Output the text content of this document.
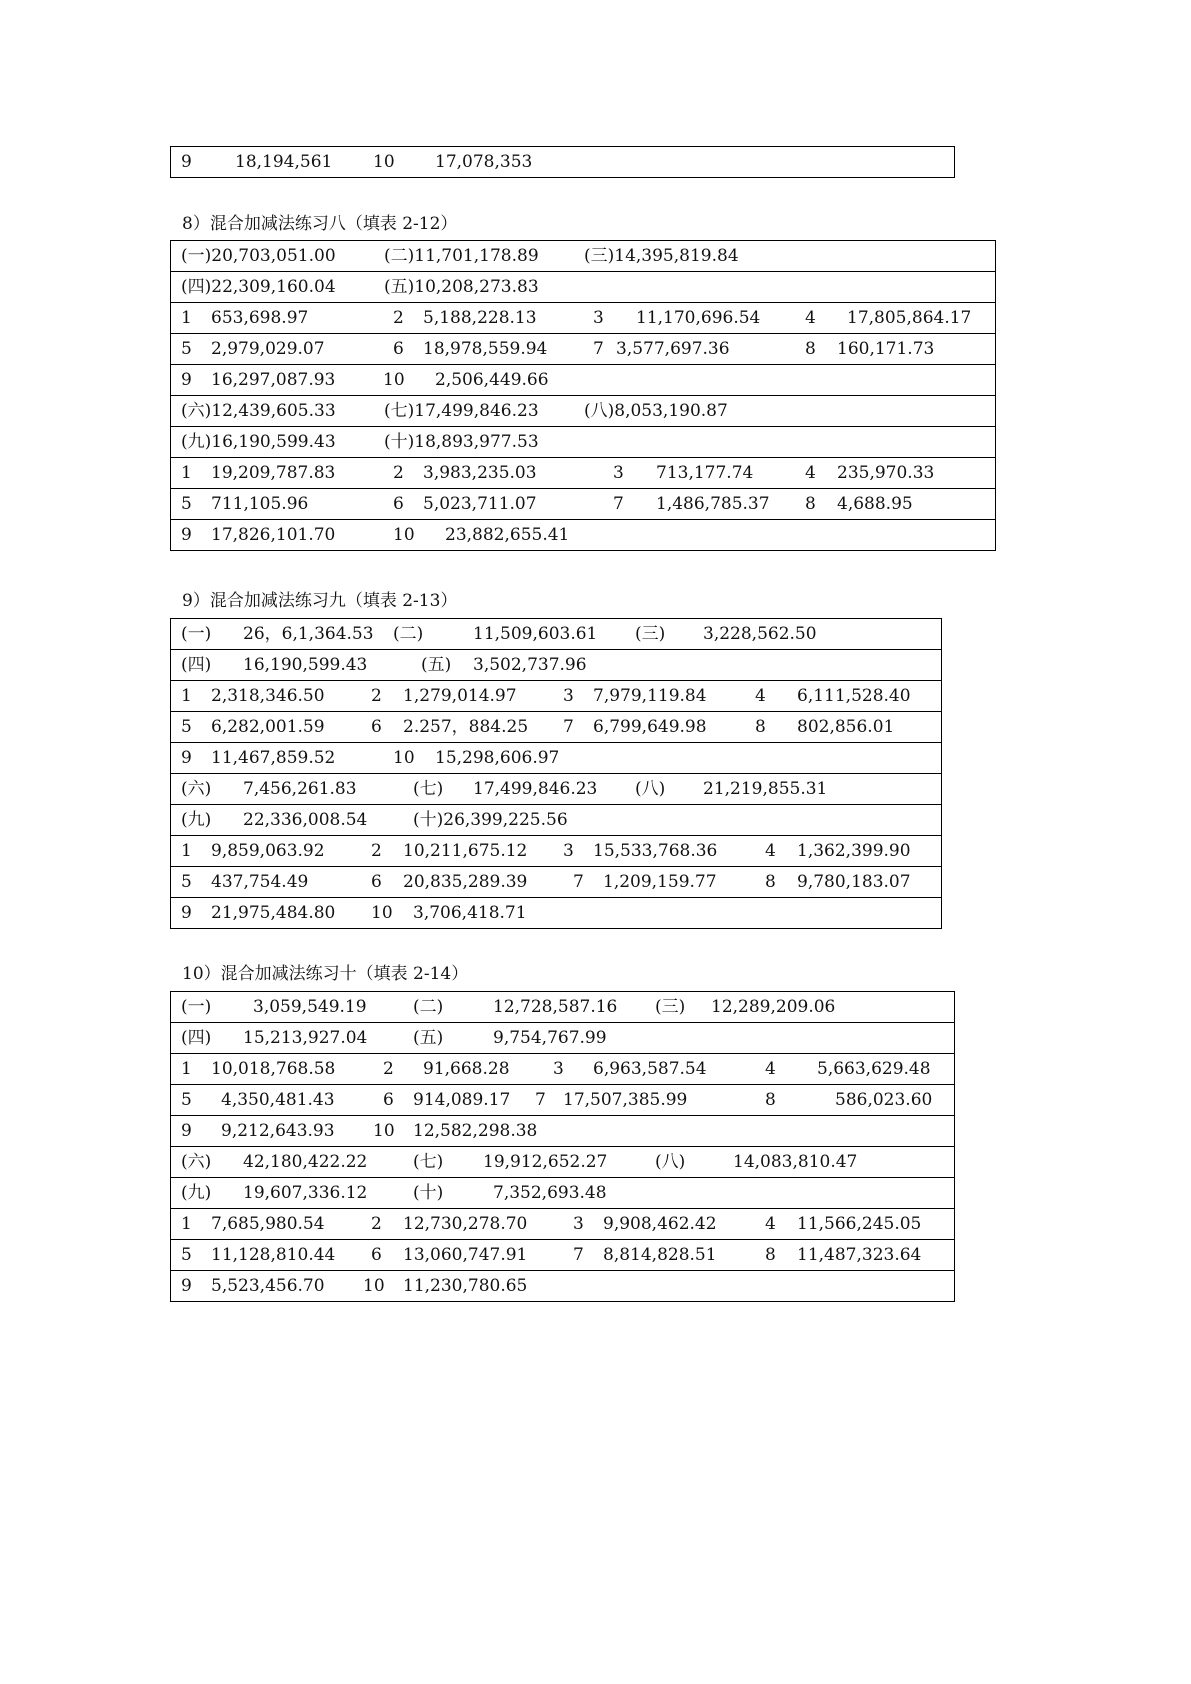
9	18,194,561 10 17,078,353
8）混合加减法练习八（填表 2-12）
(一)20,703,051.00	(二)11,701,178.89	(三)14,395,819.84
(四)22,309,160.04	(五)10,208,273.83
1 653,698.97	2 5,188,228.13	3 11,170,696.54	4 17,805,864.17
5 2,979,029.07	6 18,978,559.94	7 3,577,697.36	8 160,171.73
9 16,297,087.93	10 2,506,449.66
(六)12,439,605.33	(七)17,499,846.23	(八)8,053,190.87
(九)16,190,599.43	(十)18,893,977.53
1 19,209,787.83	2 3,983,235.03	3 713,177.74	4 235,970.33
5 711,105.96	6 5,023,711.07	7 1,486,785.37 8 4,688.95
9 17,826,101.70	10 23,882,655.41
9）混合加减法练习九（填表 2-13）
(一) 26，6,1,364.53 (二)	11,509,603.61 (三) 3,228,562.50
(四) 16,190,599.43	(五) 3,502,737.96
1 2,318,346.50	2 1,279,014.97	3 7,979,119.84	4 6,111,528.40
5 6,282,001.59	6 2.257，884.25 7 6,799,649.98	8 802,856.01
9 11,467,859.52	10 15,298,606.97
(六) 7,456,261.83	(七) 17,499,846.23 (八) 21,219,855.31
(九) 22,336,008.54	(十)26,399,225.56
1 9,859,063.92	2 10,211,675.12 3 15,533,768.36	4 1,362,399.90
5 437,754.49	6 20,835,289.39	7 1,209,159.77	8 9,780,183.07
9 21,975,484.80 10 3,706,418.71
10）混合加减法练习十（填表 2-14）
(一) 3,059,549.19	(二)	12,728,587.16 (三) 12,289,209.06
(四) 15,213,927.04	(五)	9,754,767.99
1 10,018,768.58	2 91,668.28	3 6,963,587.54	4 5,663,629.48
5 4,350,481.43	6 914,089.17 7 17,507,385.99	8	586,023.60
9 9,212,643.93 10 12,582,298.38
(六) 42,180,422.22	(七) 19,912,652.27	(八)	14,083,810.47
(九) 19,607,336.12	(十)	7,352,693.48
1 7,685,980.54	2 12,730,278.70	3 9,908,462.42	4 11,566,245.05
5 11,128,810.44 6 13,060,747.91	7 8,814,828.51	8 11,487,323.64
9 5,523,456.70 10 11,230,780.65
